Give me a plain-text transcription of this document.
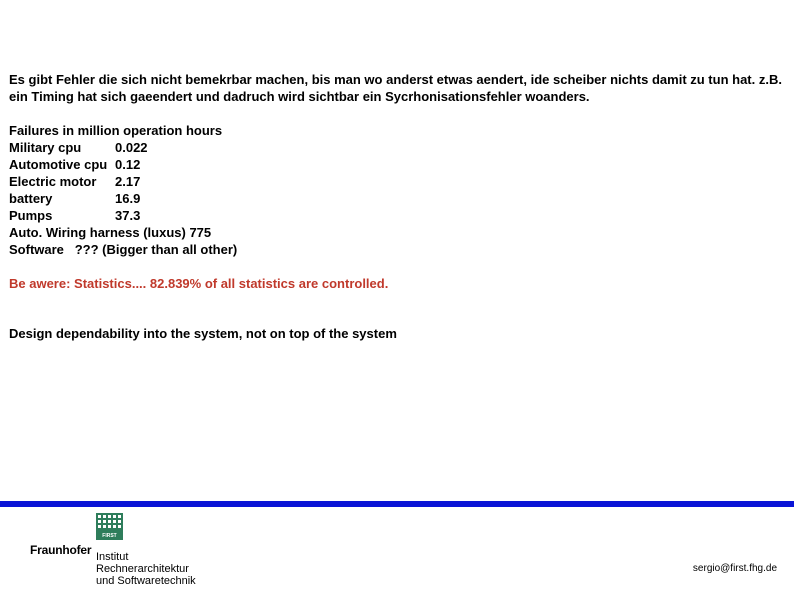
Es gibt Fehler die sich nicht bemekrbar machen, bis man wo anderst etwas aendert, ide scheiber nichts damit zu tun hat. z.B. ein Timing hat sich gaeendert und dadruch wird sichtbar ein Sycrhonisationsfehler woanders.

Failures in million operation hours
Military cpu	0.022
Automotive cpu 0.12
Electric motor	2.17
battery	16.9
Pumps	37.3
Auto. Wiring harness (luxus) 775
Software   ??? (Bigger than all other)
Be awere: Statistics.... 82.839% of all statistics are controlled.
Design dependability into the system, not on top of the system
FIRST
Fraunhofer Institut
Rechnerarchitektur
und Softwaretechnik
sergio@first.fhg.de
